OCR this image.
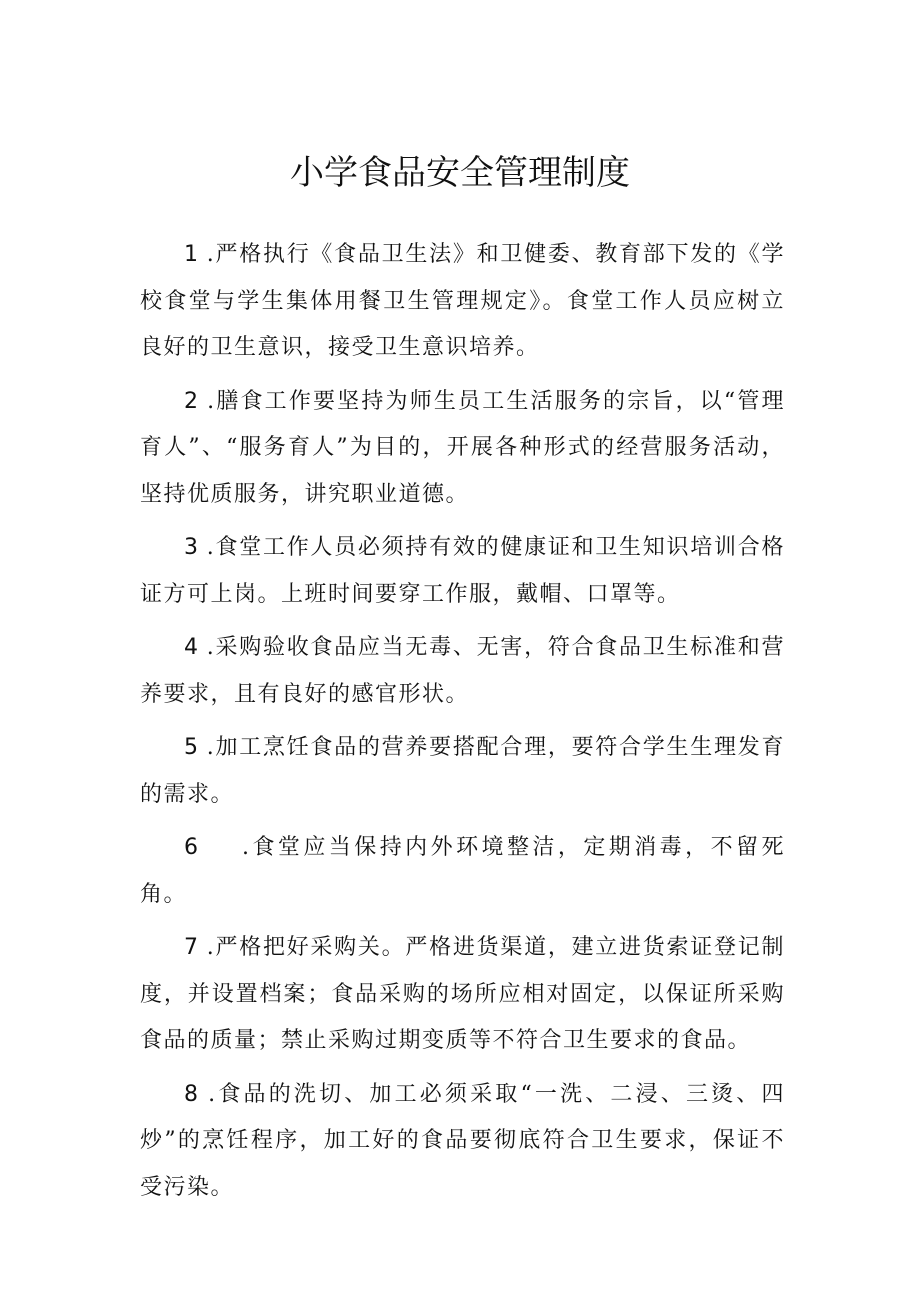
小学食品安全管理制度

1 .严格执行《食品卫生法》和卫健委、教育部下发的《学校食堂与学生集体用餐卫生管理规定》。食堂工作人员应树立良好的卫生意识，接受卫生意识培养。

2 .膳食工作要坚持为师生员工生活服务的宗旨，以“管理育人”、“服务育人”为目的，开展各种形式的经营服务活动，坚持优质服务，讲究职业道德。

3 .食堂工作人员必须持有效的健康证和卫生知识培训合格证方可上岗。上班时间要穿工作服，戴帽、口罩等。

4 .采购验收食品应当无毒、无害，符合食品卫生标准和营养要求，且有良好的感官形状。

5 .加工烹饪食品的营养要搭配合理，要符合学生生理发育的需求。

6 .食堂应当保持内外环境整洁，定期消毒，不留死角。

7 .严格把好采购关。严格进货渠道，建立进货索证登记制度，并设置档案；食品采购的场所应相对固定，以保证所采购食品的质量；禁止采购过期变质等不符合卫生要求的食品。

8 .食品的洗切、加工必须采取“一洗、二浸、三烫、四炒”的烹饪程序，加工好的食品要彻底符合卫生要求，保证不受污染。
